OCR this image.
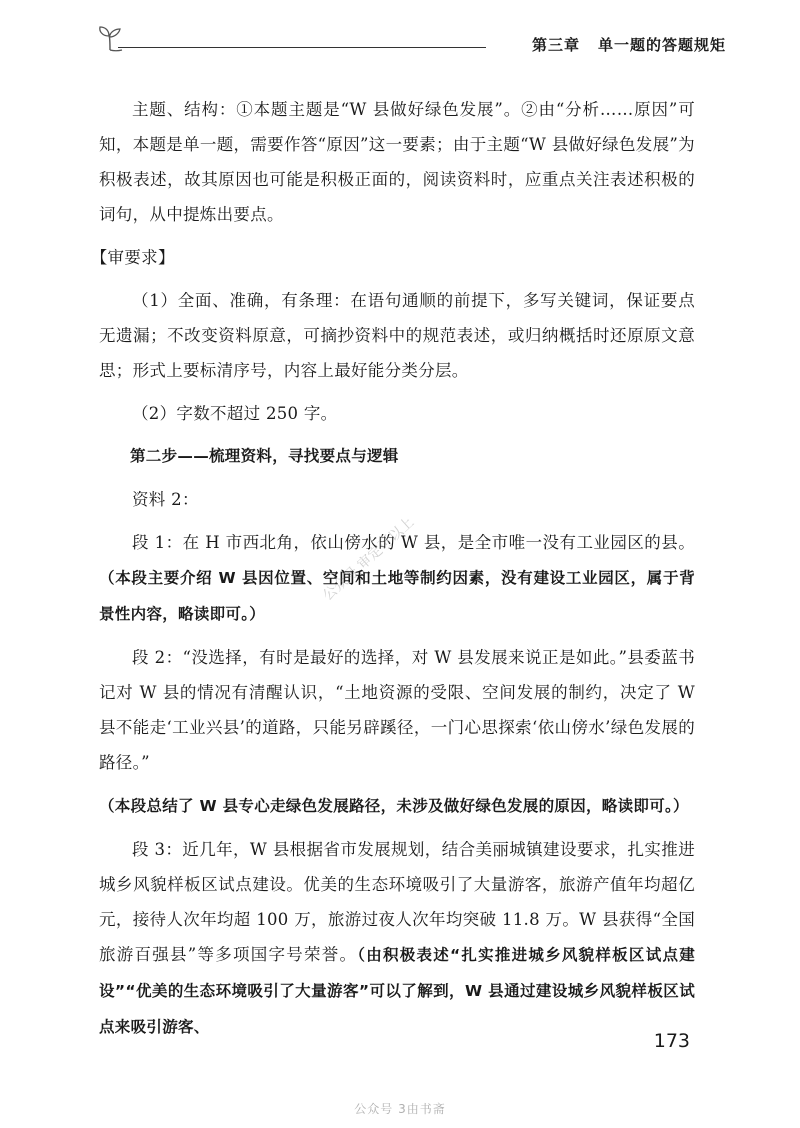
第三章 单一题的答题规矩

主题、结构：①本题主题是“W 县做好绿色发展”。②由“分析……原因”可知，本题是单一题，需要作答“原因”这一要素；由于主题“W 县做好绿色发展”为积极表述，故其原因也可能是积极正面的，阅读资料时，应重点关注表述积极的词句，从中提炼出要点。

【审要求】

（1）全面、准确，有条理：在语句通顺的前提下，多写关键词，保证要点无遗漏；不改变资料原意，可摘抄资料中的规范表述，或归纳概括时还原原文意思；形式上要标清序号，内容上最好能分类分层。

（2）字数不超过 250 字。

第二步——梳理资料，寻找要点与逻辑

资料 2：

段 1：在 H 市西北角，依山傍水的 W 县，是全市唯一没有工业园区的县。（本段主要介绍 W 县因位置、空间和土地等制约因素，没有建设工业园区，属于背景性内容，略读即可。）

段 2：“没选择，有时是最好的选择，对 W 县发展来说正是如此。”县委蓝书记对 W 县的情况有清醒认识，“土地资源的受限、空间发展的制约，决定了 W 县不能走‘工业兴县’的道路，只能另辟蹊径，一门心思探索‘依山傍水’绿色发展的路径。”

（本段总结了 W 县专心走绿色发展路径，未涉及做好绿色发展的原因，略读即可。）

段 3：近几年，W 县根据省市发展规划，结合美丽城镇建设要求，扎实推进城乡风貌样板区试点建设。优美的生态环境吸引了大量游客，旅游产值年均超亿元，接待人次年均超 100 万，旅游过夜人次年均突破 11.8 万。W 县获得“全国旅游百强县”等多项国字号荣誉。（由积极表述“扎实推进城乡风貌样板区试点建设”“优美的生态环境吸引了大量游客”可以了解到，W 县通过建设城乡风貌样板区试点来吸引游客、

公众号 审定可以上
173
公众号 3由书斋
